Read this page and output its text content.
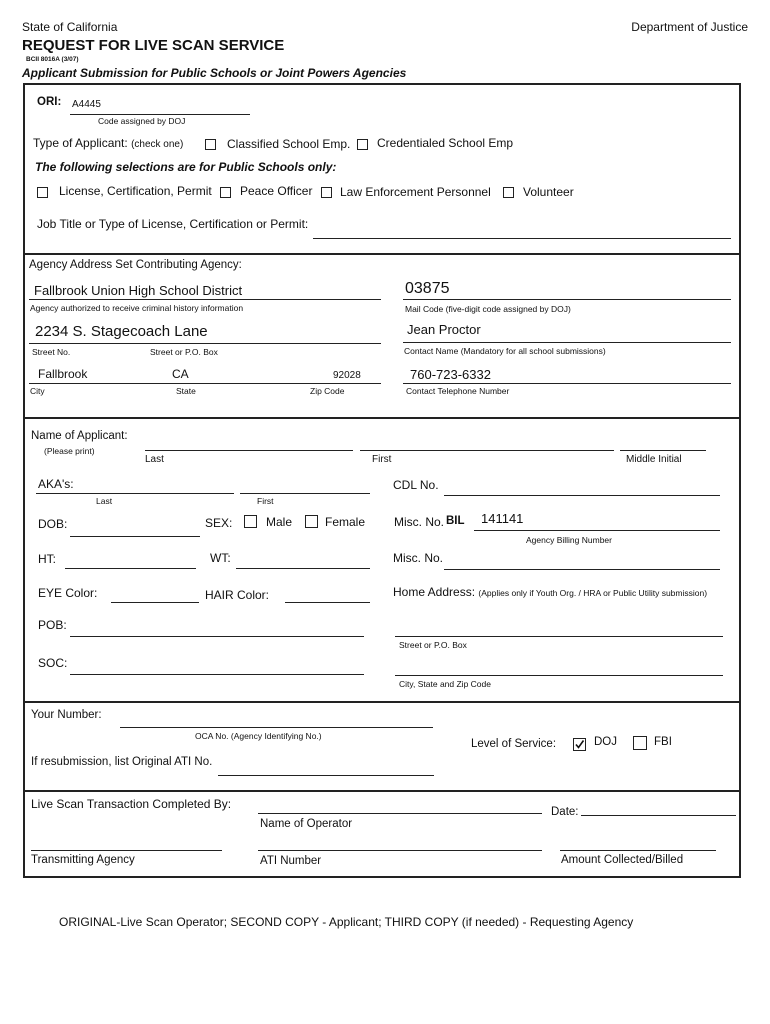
State of California	Department of Justice
REQUEST FOR LIVE SCAN SERVICE
BCII 8016A (3/07)
Applicant Submission for Public Schools or Joint Powers Agencies
ORI: A4445
Code assigned by DOJ
Type of Applicant: (check one)	Classified School Emp. Credentialed School Emp
The following selections are for Public Schools only:
License, Certification, Permit Peace Officer Law Enforcement Personnel	Volunteer
Job Title or Type of License, Certification or Permit:
Agency Address Set Contributing Agency:
Fallbrook Union High School District
Agency authorized to receive criminal history information
03875
Mail Code (five-digit code assigned by DOJ)
2234 S. Stagecoach Lane
Street No.	Street or P.O. Box
Jean Proctor
Contact Name (Mandatory for all school submissions)
Fallbrook	CA	92028
City	State	Zip Code
760-723-6332
Contact Telephone Number
Name of Applicant:
(Please print)
Last	First	Middle Initial
AKA's:
Last	First
CDL No.
DOB:	SEX:	Male	Female Misc. No. BIL 141141
Agency Billing Number
HT:	WT:	Misc. No.
EYE Color:	HAIR Color:	Home Address: (Applies only if Youth Org. / HRA or Public Utility submission)
POB:
Street or P.O. Box
SOC:
City, State and Zip Code
Your Number:
OCA No. (Agency Identifying No.)
Level of Service:	DOJ	FBI
If resubmission, list Original ATI No.
Live Scan Transaction Completed By:
Name of Operator
Date:
Transmitting Agency	ATI Number	Amount Collected/Billed
ORIGINAL-Live Scan Operator; SECOND COPY - Applicant; THIRD COPY (if needed) - Requesting Agency
